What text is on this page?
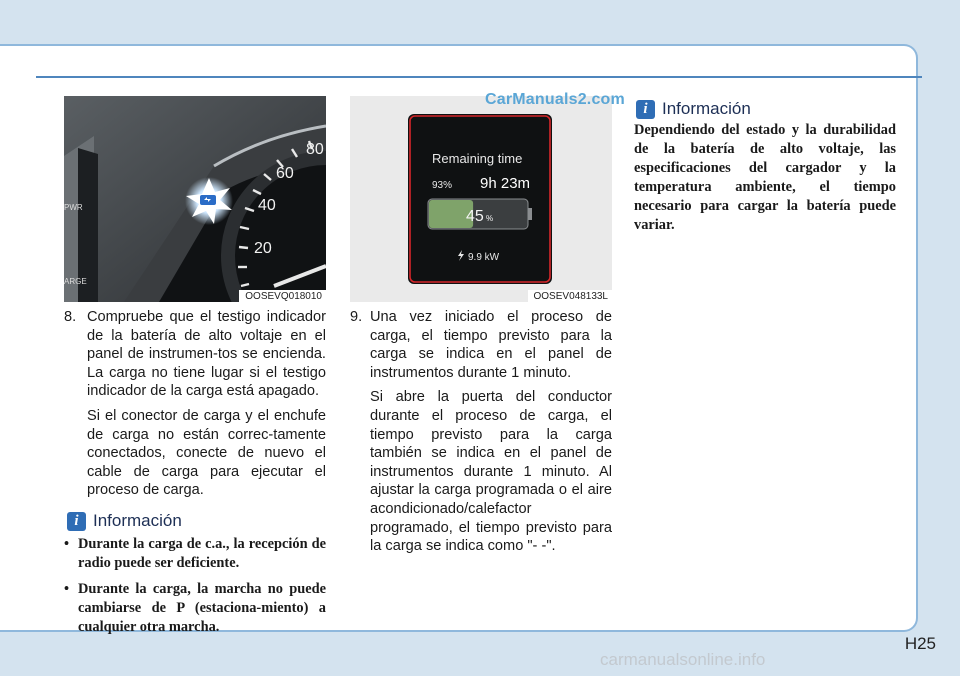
20
40
60
80
PWR
ARGE
OOSEVQ018010
Remaining time
93% 9h 23m
45 %
9.9 kW
OOSEV048133L
CarManuals2.com
8. Compruebe que el testigo indicador de la batería de alto voltaje en el panel de instrumen-tos se encienda. La carga no tiene lugar si el testigo indicador de la carga está apagado.

Si el conector de carga y el enchufe de carga no están correc-tamente conectados, conecte de nuevo el cable de carga para ejecutar el proceso de carga.

i Información
• Durante la carga de c.a., la recepción de radio puede ser deficiente.
• Durante la carga, la marcha no puede cambiarse de P (estaciona-miento) a cualquier otra marcha.
9. Una vez iniciado el proceso de carga, el tiempo previsto para la carga se indica en el panel de instrumentos durante 1 minuto.

Si abre la puerta del conductor durante el proceso de carga, el tiempo previsto para la carga también se indica en el panel de instrumentos durante 1 minuto. Al ajustar la carga programada o el aire acondicionado/calefactor programado, el tiempo previsto para la carga se indica como "- -".

i Información
Dependiendo del estado y la durabilidad de la batería de alto voltaje, las especificaciones del cargador y la temperatura ambiente, el tiempo necesario para cargar la batería puede variar.
H25
carmanualsonline.info
